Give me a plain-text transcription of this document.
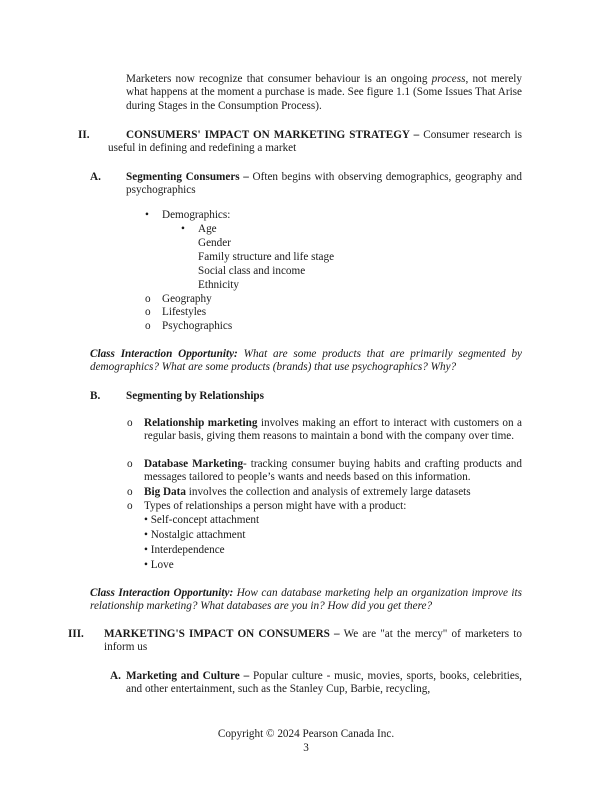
Marketers now recognize that consumer behaviour is an ongoing process, not merely what happens at the moment a purchase is made. See figure 1.1 (Some Issues That Arise during Stages in the Consumption Process).
II.	CONSUMERS' IMPACT ON MARKETING STRATEGY – Consumer research is useful in defining and redefining a market
A. Segmenting Consumers – Often begins with observing demographics, geography and psychographics
• Demographics:
• Age
Gender
Family structure and life stage
Social class and income
Ethnicity
o Geography
o Lifestyles
o Psychographics
Class Interaction Opportunity: What are some products that are primarily segmented by demographics? What are some products (brands) that use psychographics? Why?
B. Segmenting by Relationships
o Relationship marketing involves making an effort to interact with customers on a regular basis, giving them reasons to maintain a bond with the company over time.
o Database Marketing- tracking consumer buying habits and crafting products and messages tailored to people’s wants and needs based on this information.
o Big Data involves the collection and analysis of extremely large datasets
o Types of relationships a person might have with a product:
• Self-concept attachment
• Nostalgic attachment
• Interdependence
• Love
Class Interaction Opportunity: How can database marketing help an organization improve its relationship marketing? What databases are you in? How did you get there?
III. MARKETING'S IMPACT ON CONSUMERS – We are "at the mercy" of marketers to inform us
A. Marketing and Culture – Popular culture - music, movies, sports, books, celebrities, and other entertainment, such as the Stanley Cup, Barbie, recycling,
Copyright © 2024 Pearson Canada Inc.
3
